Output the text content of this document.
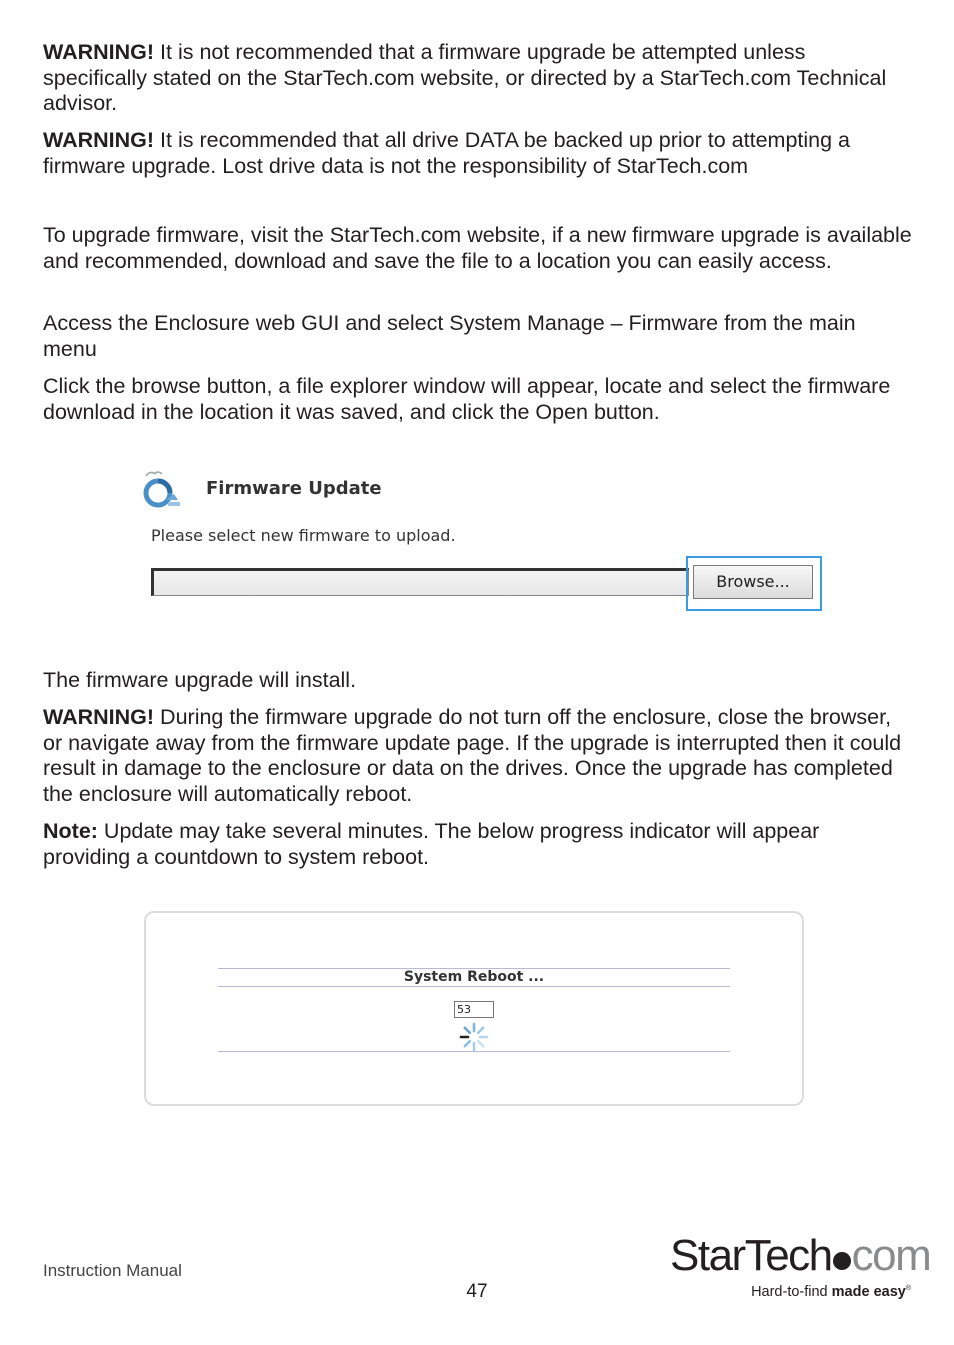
WARNING! It is not recommended that a firmware upgrade be attempted unless specifically stated on the StarTech.com website, or directed by a StarTech.com Technical advisor.

WARNING! It is recommended that all drive DATA be backed up prior to attempting a firmware upgrade. Lost drive data is not the responsibility of StarTech.com

To upgrade firmware, visit the StarTech.com website, if a new firmware upgrade is available and recommended, download and save the file to a location you can easily access.

Access the Enclosure web GUI and select System Manage – Firmware from the main menu

Click the browse button, a file explorer window will appear, locate and select the firmware download in the location it was saved, and click the Open button.

Firmware Update
Please select new firmware to upload.
Browse...

The firmware upgrade will install.

WARNING! During the firmware upgrade do not turn off the enclosure, close the browser, or navigate away from the firmware update page. If the upgrade is interrupted then it could result in damage to the enclosure or data on the drives. Once the upgrade has completed the enclosure will automatically reboot.

Note: Update may take several minutes. The below progress indicator will appear providing a countdown to system reboot.

System Reboot ...
53
Instruction Manual
47
StarTech com
Hard-to-find made easy®
